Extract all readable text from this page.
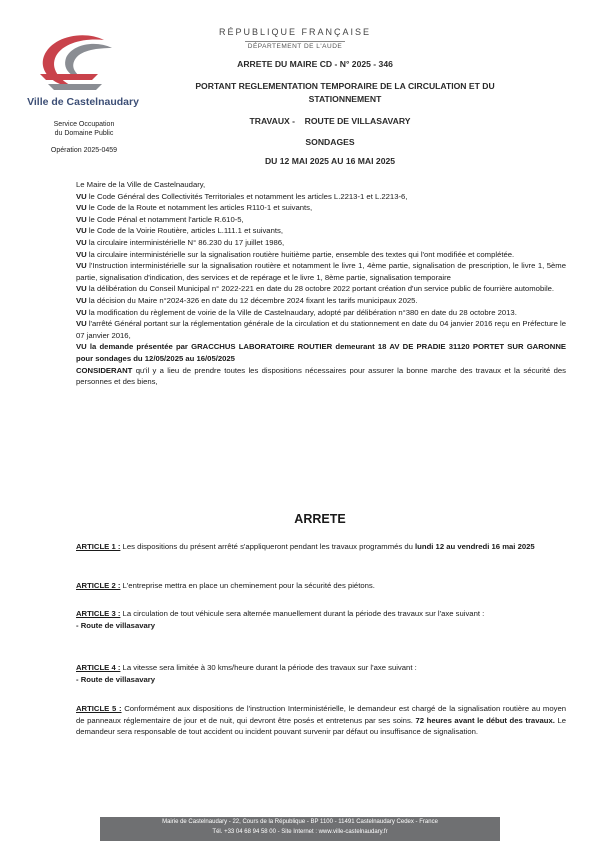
Ville de Castelnaudary
Service Occupation
du Domaine Public
Opération 2025-0459
RÉPUBLIQUE FRANÇAISE
DÉPARTEMENT DE L'AUDE
ARRETE DU MAIRE CD - N° 2025 - 346
PORTANT REGLEMENTATION TEMPORAIRE DE LA CIRCULATION ET DU
STATIONNEMENT
TRAVAUX - ROUTE DE VILLASAVARY
SONDAGES
DU 12 MAI 2025 AU 16 MAI 2025

Le Maire de la Ville de Castelnaudary,

VU le Code Général des Collectivités Territoriales et notamment les articles L.2213-1 et L.2213-6,

VU le Code de la Route et notamment les articles R110-1 et suivants,

VU le Code Pénal et notamment l'article R.610-5,

VU le Code de la Voirie Routière, articles L.111.1 et suivants,

VU la circulaire interministérielle N° 86.230 du 17 juillet 1986,

VU la circulaire interministérielle sur la signalisation routière huitième partie, ensemble des textes qui l'ont modifiée et complétée.

VU l'Instruction interministérielle sur la signalisation routière et notamment le livre 1, 4ème partie, signalisation de prescription, le livre 1, 5ème partie, signalisation d'indication, des services et de repérage et le livre 1, 8ème partie, signalisation temporaire

VU la délibération du Conseil Municipal n° 2022-221 en date du 28 octobre 2022 portant création d'un service public de fourrière automobile.

VU la décision du Maire n°2024-326 en date du 12 décembre 2024 fixant les tarifs municipaux 2025.

VU la modification du règlement de voirie de la Ville de Castelnaudary, adopté par délibération n°380 en date du 28 octobre 2013.

VU l'arrêté Général portant sur la réglementation générale de la circulation et du stationnement en date du 04 janvier 2016 reçu en Préfecture le 07 janvier 2016,

VU la demande présentée par GRACCHUS LABORATOIRE ROUTIER demeurant 18 AV DE PRADIE 31120 PORTET SUR GARONNE pour sondages du 12/05/2025 au 16/05/2025

CONSIDERANT qu'il y a lieu de prendre toutes les dispositions nécessaires pour assurer la bonne marche des travaux et la sécurité des personnes et des biens,

ARRETE

ARTICLE 1 : Les dispositions du présent arrêté s'appliqueront pendant les travaux programmés du lundi 12 au vendredi 16 mai 2025

ARTICLE 2 : L'entreprise mettra en place un cheminement pour la sécurité des piétons.

ARTICLE 3 : La circulation de tout véhicule sera alternée manuellement durant la période des travaux sur l'axe suivant :

- Route de villasavary

ARTICLE 4 : La vitesse sera limitée à 30 kms/heure durant la période des travaux sur l'axe suivant :

- Route de villasavary

ARTICLE 5 : Conformément aux dispositions de l'instruction Interministérielle, le demandeur est chargé de la signalisation routière au moyen de panneaux réglementaire de jour et de nuit, qui devront être posés et entretenus par ses soins. 72 heures avant le début des travaux. Le demandeur sera responsable de tout accident ou incident pouvant survenir par défaut ou insuffisance de signalisation.

Mairie de Castelnaudary - 22, Cours de la République - BP 1100 - 11491 Castelnaudary Cedex - France
Tél. +33 04 68 94 58 00 - Site Internet : www.ville-castelnaudary.fr
